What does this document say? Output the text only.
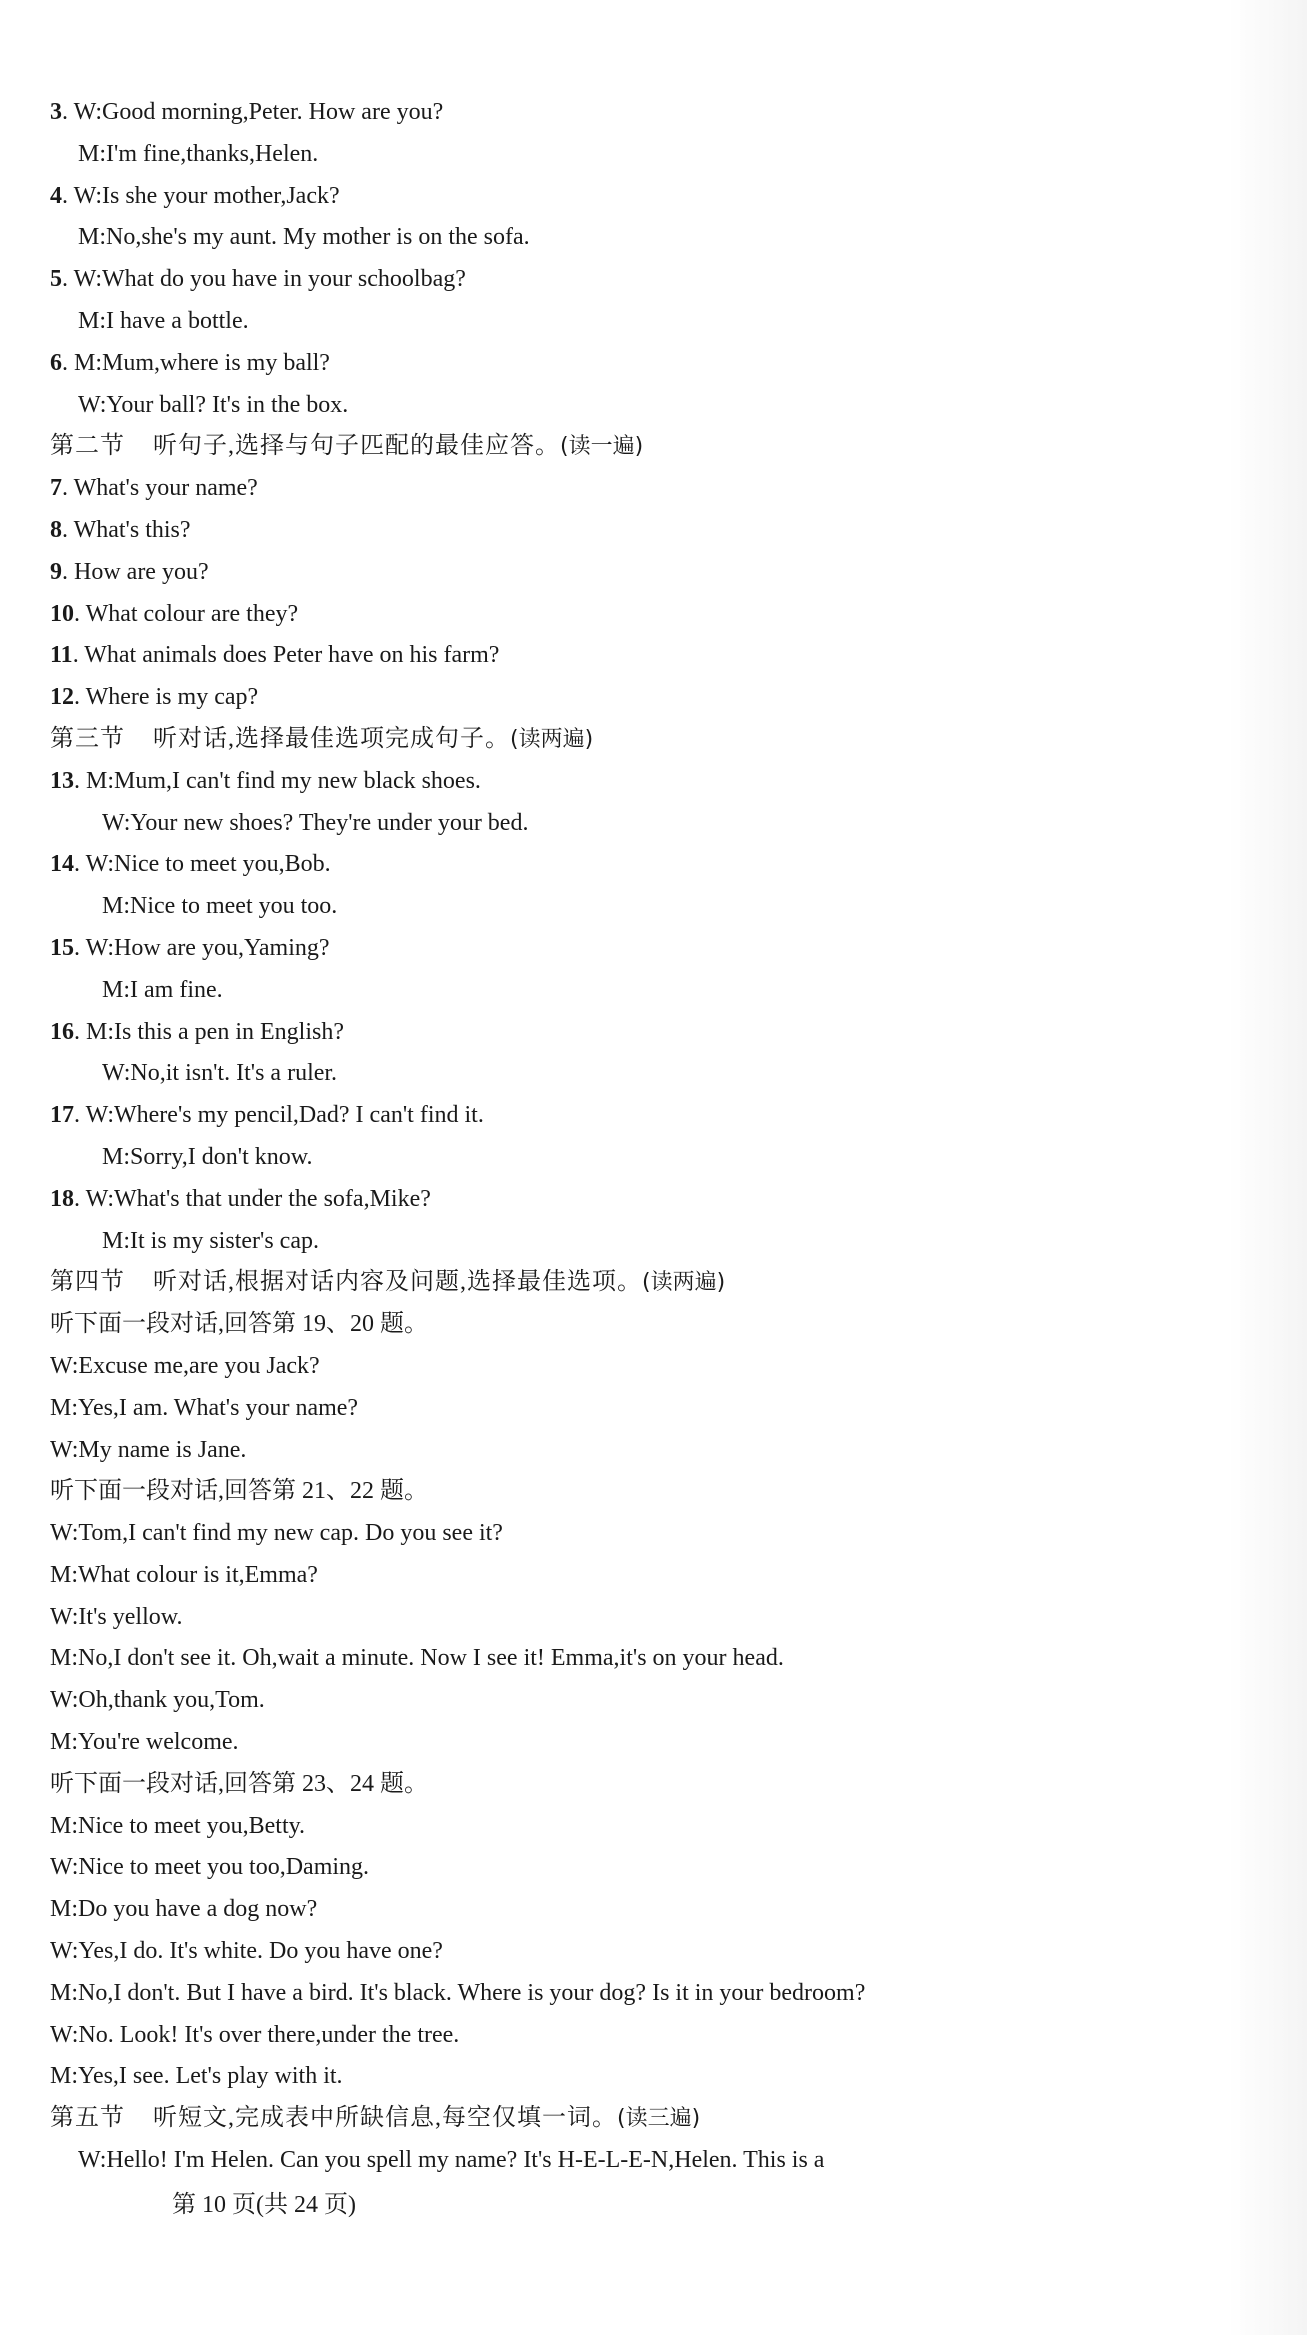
3. W:Good morning,Peter. How are you?
M:I'm fine,thanks,Helen.
4. W:Is she your mother,Jack?
M:No,she's my aunt. My mother is on the sofa.
5. W:What do you have in your schoolbag?
M:I have a bottle.
6. M:Mum,where is my ball?
W:Your ball? It's in the box.
第二节 听句子,选择与句子匹配的最佳应答。(读一遍)
7. What's your name?
8. What's this?
9. How are you?
10. What colour are they?
11. What animals does Peter have on his farm?
12. Where is my cap?
第三节 听对话,选择最佳选项完成句子。(读两遍)
13. M:Mum,I can't find my new black shoes.
W:Your new shoes? They're under your bed.
14. W:Nice to meet you,Bob.
M:Nice to meet you too.
15. W:How are you,Yaming?
M:I am fine.
16. M:Is this a pen in English?
W:No,it isn't. It's a ruler.
17. W:Where's my pencil,Dad? I can't find it.
M:Sorry,I don't know.
18. W:What's that under the sofa,Mike?
M:It is my sister's cap.
第四节 听对话,根据对话内容及问题,选择最佳选项。(读两遍)
听下面一段对话,回答第 19、20 题。
W:Excuse me,are you Jack?
M:Yes,I am. What's your name?
W:My name is Jane.
听下面一段对话,回答第 21、22 题。
W:Tom,I can't find my new cap. Do you see it?
M:What colour is it,Emma?
W:It's yellow.
M:No,I don't see it. Oh,wait a minute. Now I see it! Emma,it's on your head.
W:Oh,thank you,Tom.
M:You're welcome.
听下面一段对话,回答第 23、24 题。
M:Nice to meet you,Betty.
W:Nice to meet you too,Daming.
M:Do you have a dog now?
W:Yes,I do. It's white. Do you have one?
M:No,I don't. But I have a bird. It's black. Where is your dog? Is it in your bedroom?
W:No. Look! It's over there,under the tree.
M:Yes,I see. Let's play with it.
第五节 听短文,完成表中所缺信息,每空仅填一词。(读三遍)
W:Hello! I'm Helen. Can you spell my name? It's H-E-L-E-N,Helen. This is a
第 10 页(共 24 页)
